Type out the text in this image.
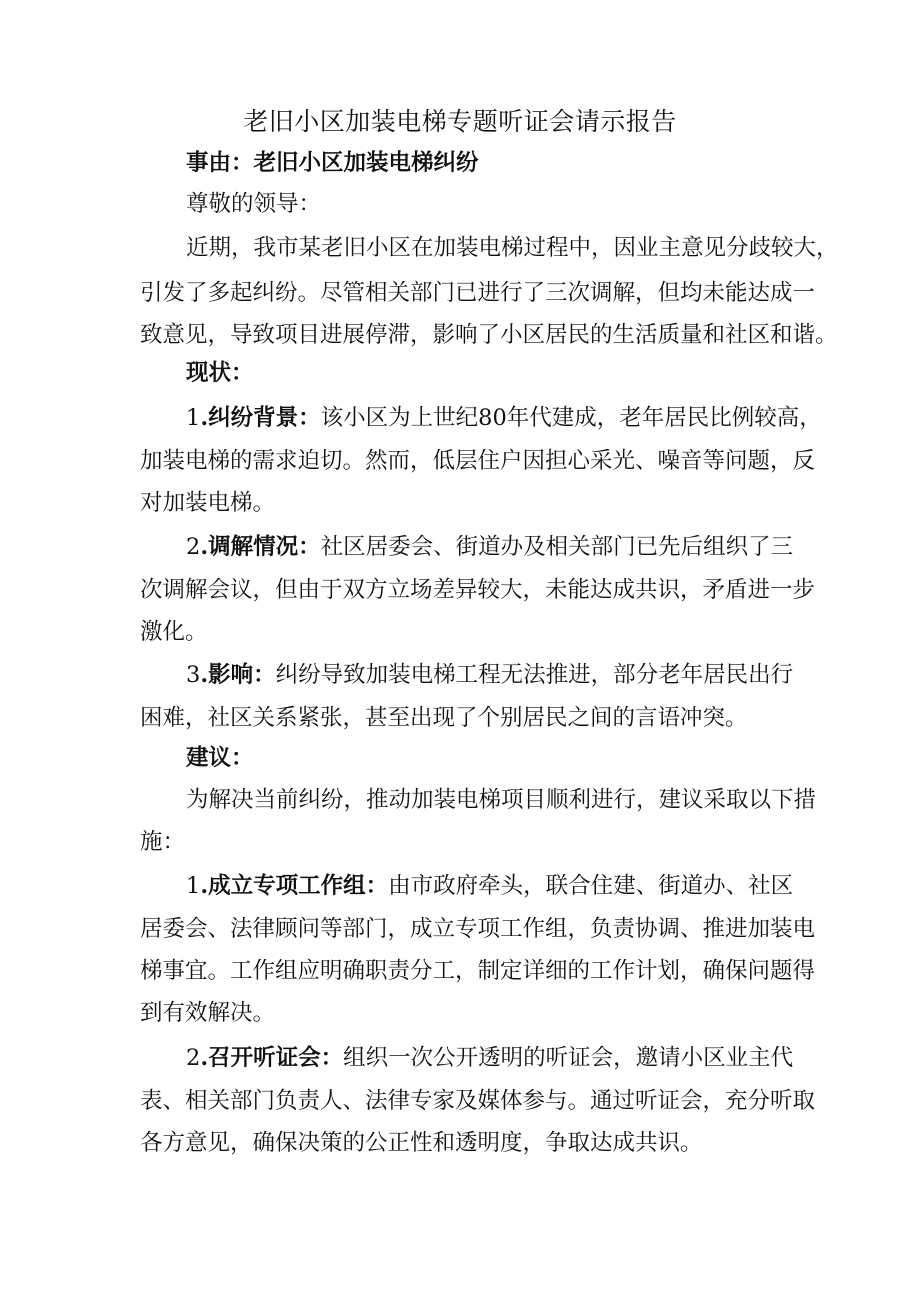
老旧小区加装电梯专题听证会请示报告
事由：老旧小区加装电梯纠纷
尊敬的领导：
近期，我市某老旧小区在加装电梯过程中，因业主意见分歧较大，
引发了多起纠纷。尽管相关部门已进行了三次调解，但均未能达成一
致意见，导致项目进展停滞，影响了小区居民的生活质量和社区和谐。
现状：
1.纠纷背景：该小区为上世纪80年代建成，老年居民比例较高，
加装电梯的需求迫切。然而，低层住户因担心采光、噪音等问题，反
对加装电梯。
2.调解情况：社区居委会、街道办及相关部门已先后组织了三
次调解会议，但由于双方立场差异较大，未能达成共识，矛盾进一步
激化。
3.影响：纠纷导致加装电梯工程无法推进，部分老年居民出行
困难，社区关系紧张，甚至出现了个别居民之间的言语冲突。
建议：
为解决当前纠纷，推动加装电梯项目顺利进行，建议采取以下措
施：
1.成立专项工作组：由市政府牵头，联合住建、街道办、社区
居委会、法律顾问等部门，成立专项工作组，负责协调、推进加装电
梯事宜。工作组应明确职责分工，制定详细的工作计划，确保问题得
到有效解决。
2.召开听证会：组织一次公开透明的听证会，邀请小区业主代
表、相关部门负责人、法律专家及媒体参与。通过听证会，充分听取
各方意见，确保决策的公正性和透明度，争取达成共识。
